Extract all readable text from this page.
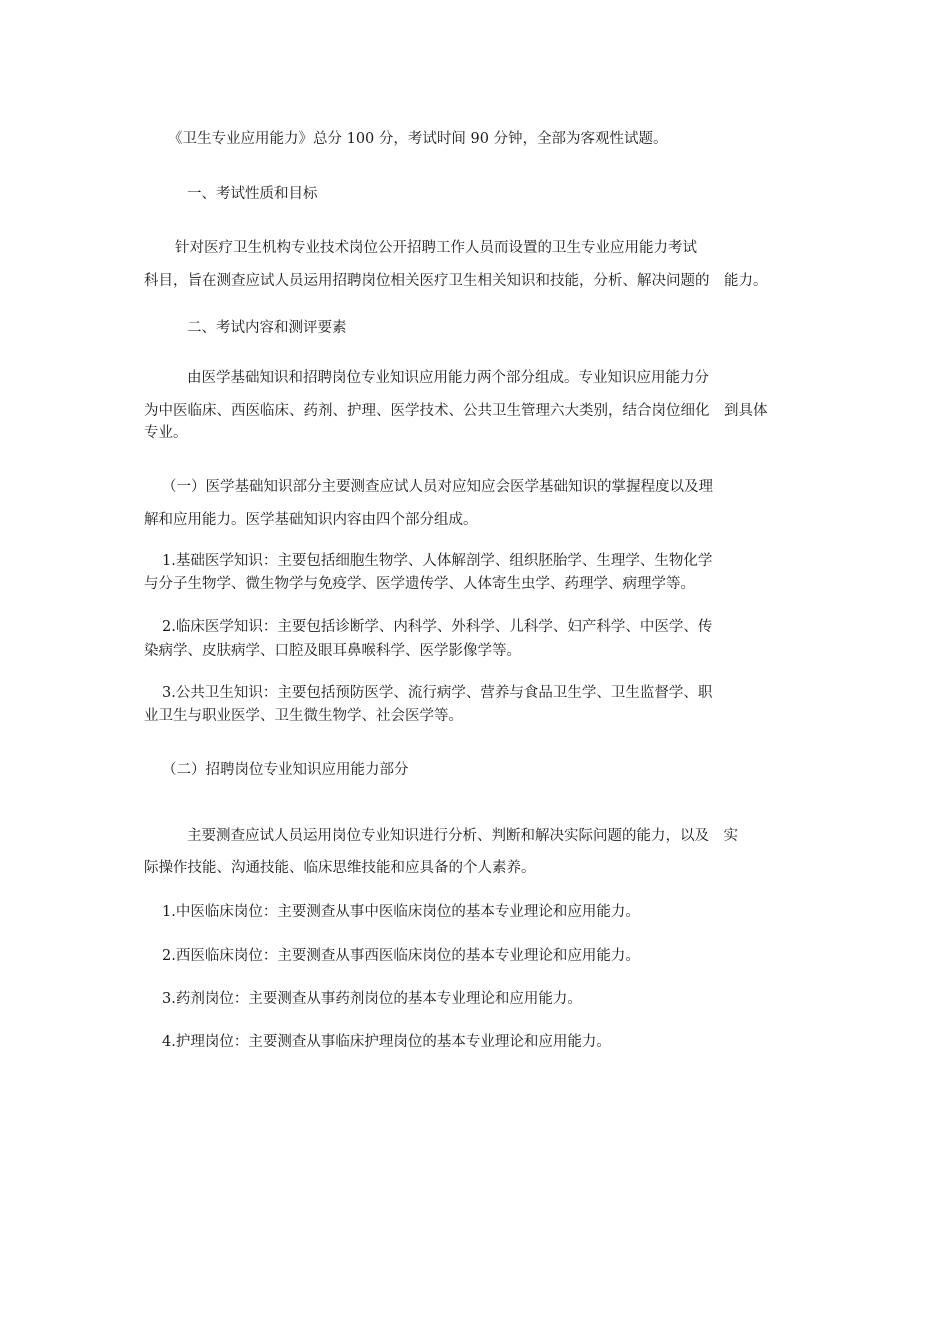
《卫生专业应用能力》总分 100 分，考试时间 90 分钟，全部为客观性试题。
一、考试性质和目标
针对医疗卫生机构专业技术岗位公开招聘工作人员而设置的卫生专业应用能力考试
科目，旨在测查应试人员运用招聘岗位相关医疗卫生相关知识和技能，分析、解决问题的　能力。
二、考试内容和测评要素
由医学基础知识和招聘岗位专业知识应用能力两个部分组成。专业知识应用能力分
为中医临床、西医临床、药剂、护理、医学技术、公共卫生管理六大类别，结合岗位细化　到具体
专业。
（一）医学基础知识部分主要测查应试人员对应知应会医学基础知识的掌握程度以及理
解和应用能力。医学基础知识内容由四个部分组成。
1.基础医学知识：主要包括细胞生物学、人体解剖学、组织胚胎学、生理学、生物化学
与分子生物学、微生物学与免疫学、医学遗传学、人体寄生虫学、药理学、病理学等。
2.临床医学知识：主要包括诊断学、内科学、外科学、儿科学、妇产科学、中医学、传
染病学、皮肤病学、口腔及眼耳鼻喉科学、医学影像学等。
3.公共卫生知识：主要包括预防医学、流行病学、营养与食品卫生学、卫生监督学、职
业卫生与职业医学、卫生微生物学、社会医学等。
（二）招聘岗位专业知识应用能力部分
主要测查应试人员运用岗位专业知识进行分析、判断和解决实际问题的能力，以及　实
际操作技能、沟通技能、临床思维技能和应具备的个人素养。
1.中医临床岗位：主要测查从事中医临床岗位的基本专业理论和应用能力。
2.西医临床岗位：主要测查从事西医临床岗位的基本专业理论和应用能力。
3.药剂岗位：主要测查从事药剂岗位的基本专业理论和应用能力。
4.护理岗位：主要测查从事临床护理岗位的基本专业理论和应用能力。
